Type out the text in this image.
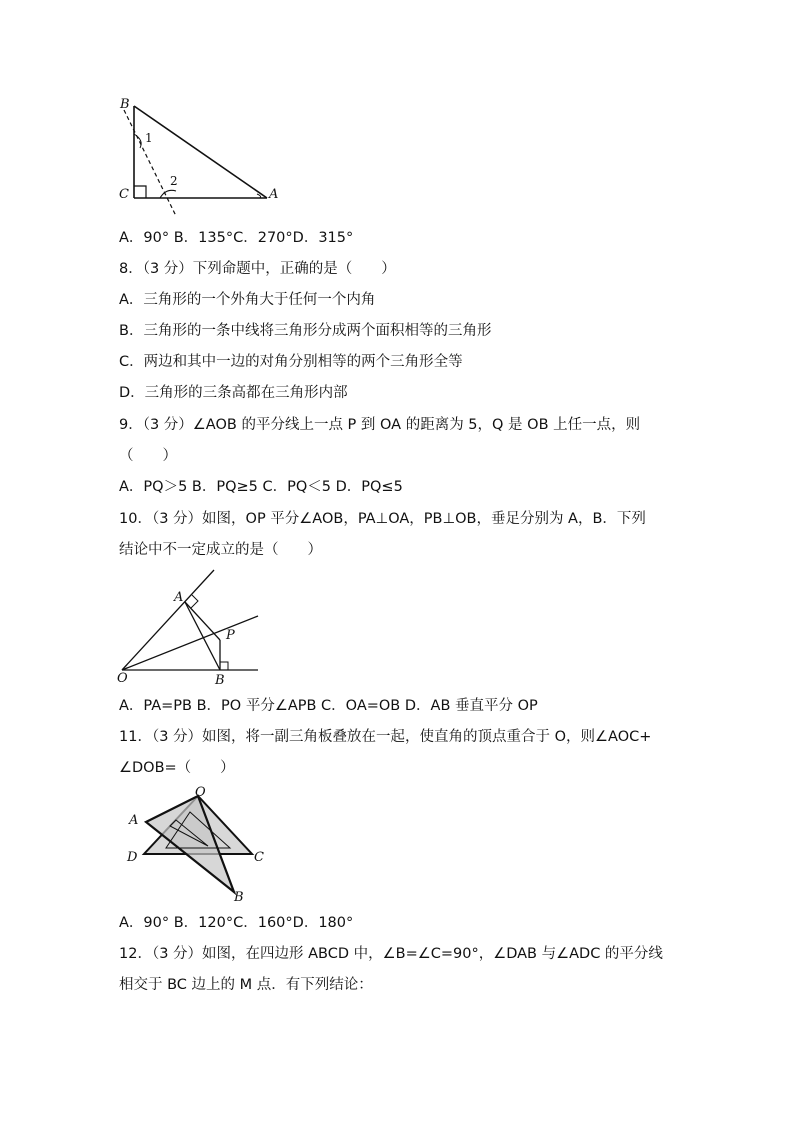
B
C	A
1
2
A．90° B．135°C．270°D．315°
8．（3 分）下列命题中，正确的是（　　）
A．三角形的一个外角大于任何一个内角
B．三角形的一条中线将三角形分成两个面积相等的三角形
C．两边和其中一边的对角分别相等的两个三角形全等
D．三角形的三条高都在三角形内部
9．（3 分）∠AOB 的平分线上一点 P 到 OA 的距离为 5，Q 是 OB 上任一点，则
（　　）
A．PQ＞5 B．PQ≥5 C．PQ＜5 D．PQ≤5
10．（3 分）如图，OP 平分∠AOB，PA⊥OA，PB⊥OB，垂足分别为 A，B．下列
结论中不一定成立的是（　　）
A
P
O	B
A．PA=PB B．PO 平分∠APB C．OA=OB D．AB 垂直平分 OP
11．（3 分）如图，将一副三角板叠放在一起，使直角的顶点重合于 O，则∠AOC+
∠DOB=（　　）
O
A
D	C
B
A．90° B．120°C．160°D．180°
12．（3 分）如图，在四边形 ABCD 中，∠B=∠C=90°，∠DAB 与∠ADC 的平分线
相交于 BC 边上的 M 点．有下列结论：
